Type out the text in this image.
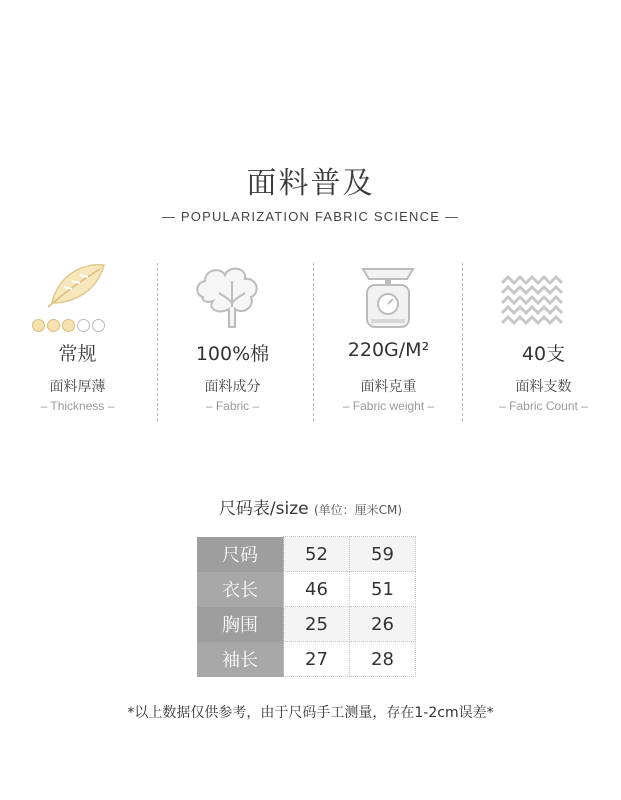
面料普及
— POPULARIZATION FABRIC SCIENCE —
常规
面料厚薄
– Thickness –
100%棉
面料成分
– Fabric –
220G/M²
面料克重
– Fabric weight –
40支
面料支数
– Fabric Count –
尺码表/size (单位：厘米CM)
尺码	52	59
衣长	46	51
胸围	25	26
袖长	27	28
*以上数据仅供参考，由于尺码手工测量，存在1-2cm误差*
